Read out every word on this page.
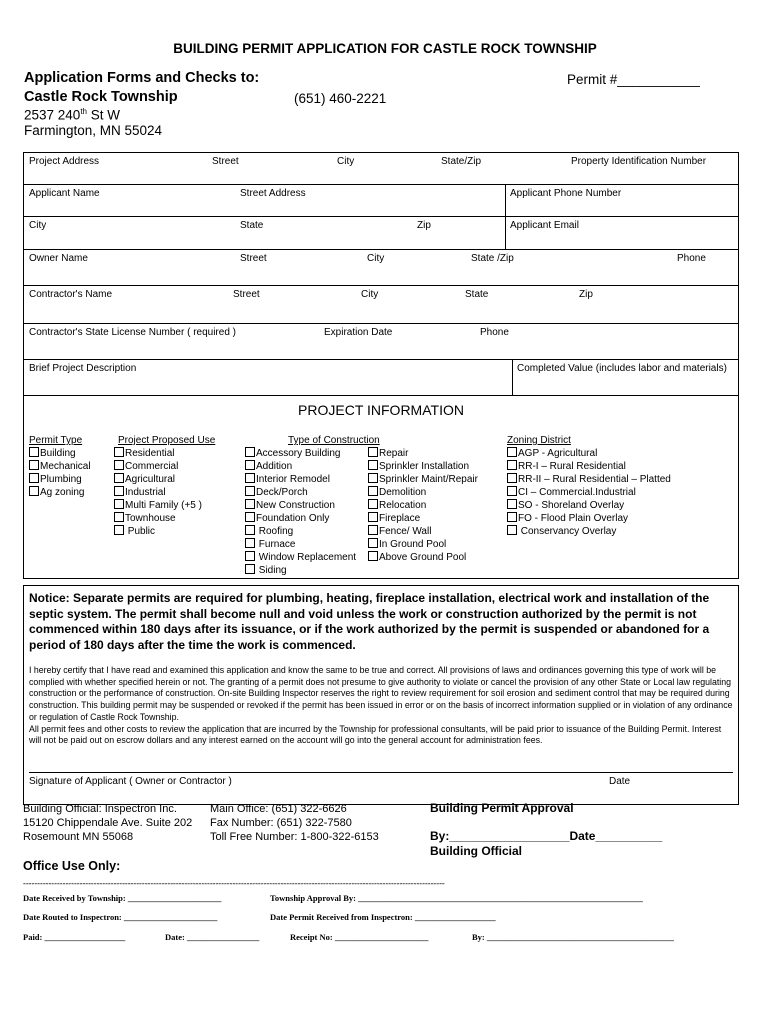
BUILDING PERMIT APPLICATION FOR CASTLE ROCK TOWNSHIP
Application Forms and Checks to:
Castle Rock Township
2537 240th St W
Farmington, MN 55024
Permit #___________
(651) 460-2221
Project Address	Street	City	State/Zip	Property Identification Number
Applicant Name	Street Address	Applicant Phone Number
City	State	Zip	Applicant Email
Owner Name	Street	City	State /Zip	Phone
Contractor's Name	Street	City	State	Zip
Contractor's State License Number ( required )	Expiration Date	Phone
Brief Project Description	Completed Value (includes labor and materials)
PROJECT INFORMATION
Permit Type
Building
Mechanical
Plumbing
Ag zoning
Project Proposed Use
Residential
Commercial
Agricultural
Industrial
Multi Family (+5 )
Townhouse
Public
Type of Construction
Accessory Building
Addition
Interior Remodel
Deck/Porch
New Construction
Foundation Only
Roofing
Furnace
Window Replacement
Siding
Repair
Sprinkler Installation
Sprinkler Maint/Repair
Demolition
Relocation
Fireplace
Fence/ Wall
In Ground Pool
Above Ground Pool
Zoning District
AGP - Agricultural
RR-I – Rural Residential
RR-II – Rural Residential – Platted
CI – Commercial.Industrial
SO - Shoreland Overlay
FO - Flood Plain Overlay
Conservancy Overlay
Notice: Separate permits are required for plumbing, heating, fireplace installation, electrical work and installation of the septic system. The permit shall become null and void unless the work or construction authorized by the permit is not commenced within 180 days after its issuance, or if the work authorized by the permit is suspended or abandoned for a period of 180 days after the time the work is commenced.
I hereby certify that I have read and examined this application and know the same to be true and correct. All provisions of laws and ordinances governing this type of work will be complied with whether specified herein or not. The granting of a permit does not presume to give authority to violate or cancel the provision of any other State or Local law regulating construction or the performance of construction. On-site Building Inspector reserves the right to review requirement for soil erosion and sediment control that may be required during construction. This building permit may be suspended or revoked if the permit has been issued in error or on the basis of incorrect information supplied or in violation of any ordinance or regulation of Castle Rock Township.
All permit fees and other costs to review the application that are incurred by the Township for professional consultants, will be paid prior to issuance of the Building Permit. Interest will not be paid out on escrow dollars and any interest earned on the account will go into the general account for administration fees.
Signature of Applicant ( Owner or Contractor )	Date
Building Official: Inspectron Inc.
15120 Chippendale Ave. Suite 202
Rosemount MN 55068
Main Office: (651) 322-6626
Fax Number: (651) 322-7580
Toll Free Number: 1-800-322-6153
Building Permit Approval
By:__________________Date__________
Building Official
Office Use Only:
-----------------------------------------------------------------------------------------------------------------------------------------------------
Date Received by Township: ______________________	Township Approval By: ___________________________________________________________________
Date Routed to Inspectron: ______________________	Date Permit Received from Inspectron: ___________________
Paid: ___________________	Date: _________________	Receipt No: ______________________	By: ____________________________________________
